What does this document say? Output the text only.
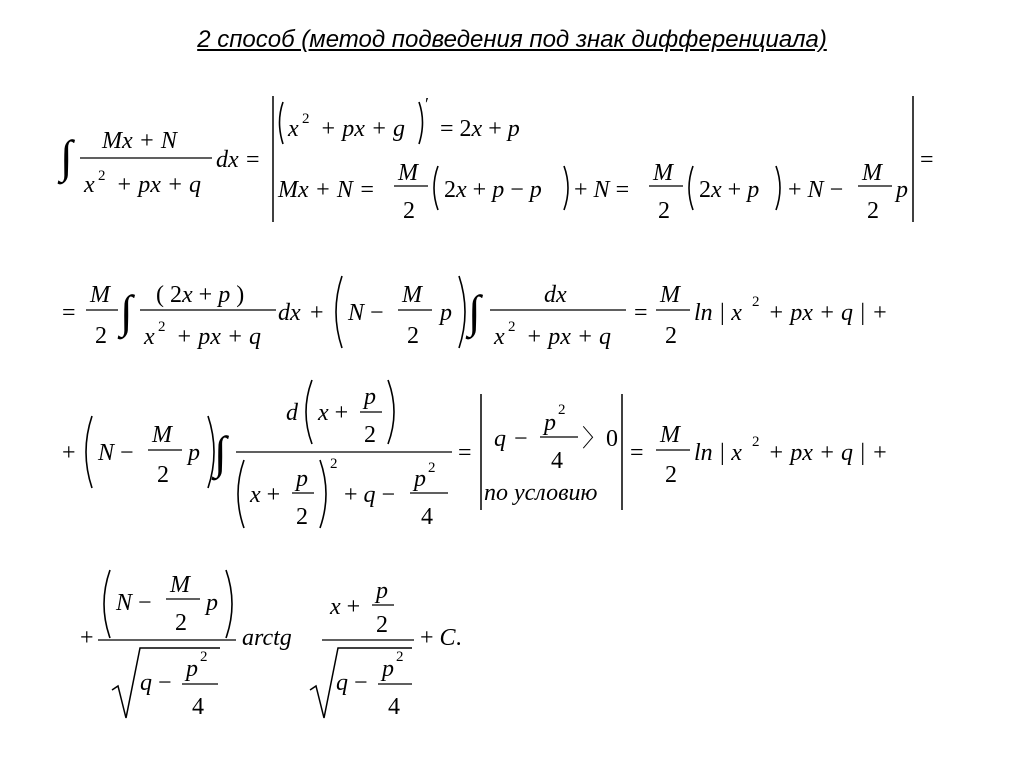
2 способ (метод подведения под знак дифференциала)
∫ Mx + N
x 2 + px + q
dx =
x 2 + px + g
′
= 2x + p
Mx + N =
M
2
2x + p − p + N =
M
2
2x + p + N −
M
2
p
=
=
M
2 ∫ ( 2x + p )
x 2 + px + q
dx + N −
M
2
p ∫	dx
x 2 + px + q
=
M
2
ln | x 2 + px + q | +
+ N −
M
2
p ∫
d x +
p
2
x +
p
2
2
+ q −
p 2
4
=
q −
p 2
4
〉0
по условию
=
M
2
ln | x 2 + px + q | +
+
N −
M
2
p
q −
p 2
4
arctg
x +
p
2
q −
p 2
4
+ C.
